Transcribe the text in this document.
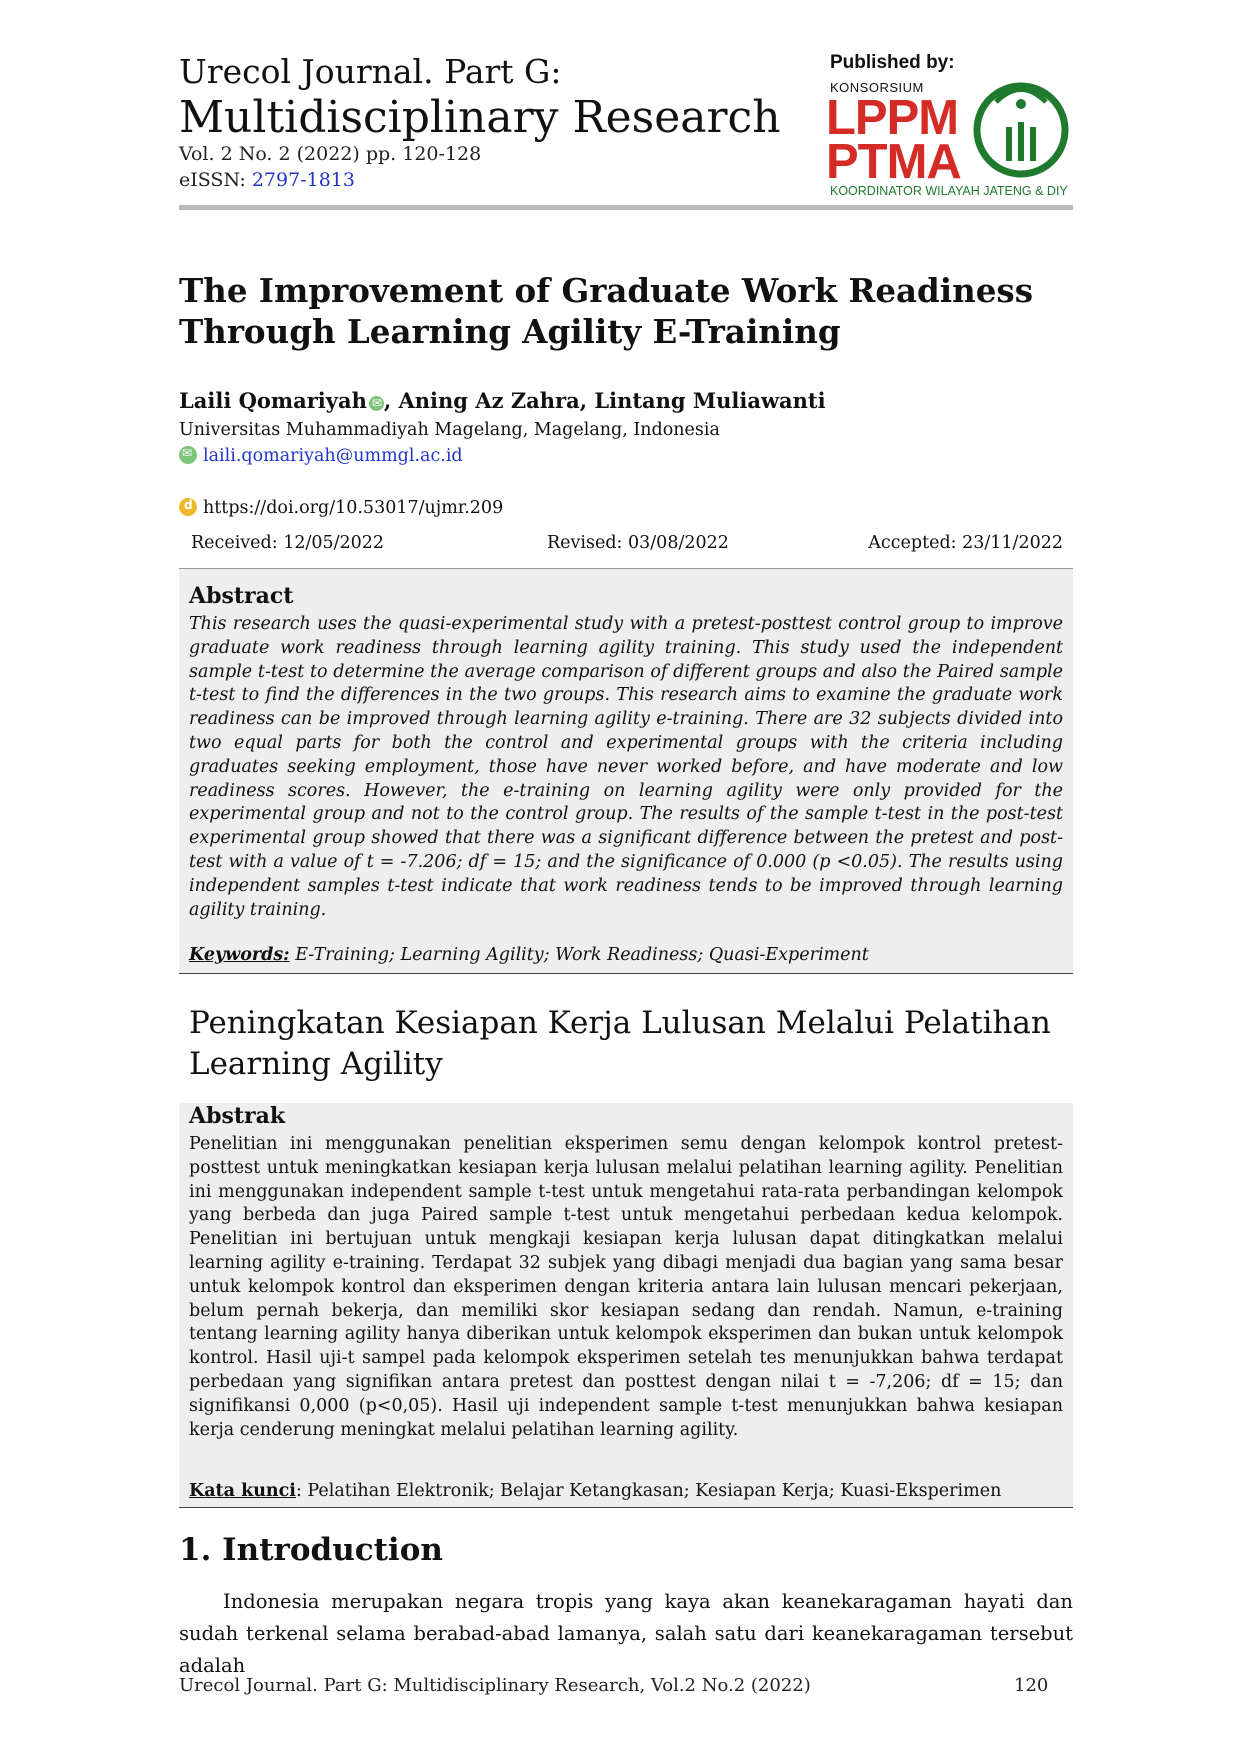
Urecol Journal. Part G:
Multidisciplinary Research
Vol. 2 No. 2 (2022) pp. 120-128
eISSN: 2797-1813
Published by:
KONSORSIUM
LPPM
PTMA
KOORDINATOR WILAYAH JATENG & DIY
The Improvement of Graduate Work Readiness Through Learning Agility E-Training
Laili Qomariyah✉ , Aning Az Zahra, Lintang Muliawanti
Universitas Muhammadiyah Magelang, Magelang, Indonesia
✉laili.qomariyah@ummgl.ac.id
dhttps://doi.org/10.53017/ujmr.209
Received: 12/05/2022	Revised: 03/08/2022	Accepted: 23/11/2022
Abstract
This research uses the quasi-experimental study with a pretest-posttest control group to improve graduate work readiness through learning agility training. This study used the independent sample t-test to determine the average comparison of different groups and also the Paired sample t-test to find the differences in the two groups. This research aims to examine the graduate work readiness can be improved through learning agility e-training. There are 32 subjects divided into two equal parts for both the control and experimental groups with the criteria including graduates seeking employment, those have never worked before, and have moderate and low readiness scores. However, the e-training on learning agility were only provided for the experimental group and not to the control group. The results of the sample t-test in the post-test experimental group showed that there was a significant difference between the pretest and post-test with a value of t = -7.206; df = 15; and the significance of 0.000 (p <0.05). The results using independent samples t-test indicate that work readiness tends to be improved through learning agility training.
Keywords: E-Training; Learning Agility; Work Readiness; Quasi-Experiment
Peningkatan Kesiapan Kerja Lulusan Melalui Pelatihan Learning Agility
Abstrak
Penelitian ini menggunakan penelitian eksperimen semu dengan kelompok kontrol pretest-posttest untuk meningkatkan kesiapan kerja lulusan melalui pelatihan learning agility. Penelitian ini menggunakan independent sample t-test untuk mengetahui rata-rata perbandingan kelompok yang berbeda dan juga Paired sample t-test untuk mengetahui perbedaan kedua kelompok. Penelitian ini bertujuan untuk mengkaji kesiapan kerja lulusan dapat ditingkatkan melalui learning agility e-training. Terdapat 32 subjek yang dibagi menjadi dua bagian yang sama besar untuk kelompok kontrol dan eksperimen dengan kriteria antara lain lulusan mencari pekerjaan, belum pernah bekerja, dan memiliki skor kesiapan sedang dan rendah. Namun, e-training tentang learning agility hanya diberikan untuk kelompok eksperimen dan bukan untuk kelompok kontrol. Hasil uji-t sampel pada kelompok eksperimen setelah tes menunjukkan bahwa terdapat perbedaan yang signifikan antara pretest dan posttest dengan nilai t = -7,206; df = 15; dan signifikansi 0,000 (p<0,05). Hasil uji independent sample t-test menunjukkan bahwa kesiapan kerja cenderung meningkat melalui pelatihan learning agility.
Kata kunci: Pelatihan Elektronik; Belajar Ketangkasan; Kesiapan Kerja; Kuasi-Eksperimen
1. Introduction
Indonesia merupakan negara tropis yang kaya akan keanekaragaman hayati dan sudah terkenal selama berabad-abad lamanya, salah satu dari keanekaragaman tersebut adalah
Urecol Journal. Part G: Multidisciplinary Research, Vol.2 No.2 (2022)	120
